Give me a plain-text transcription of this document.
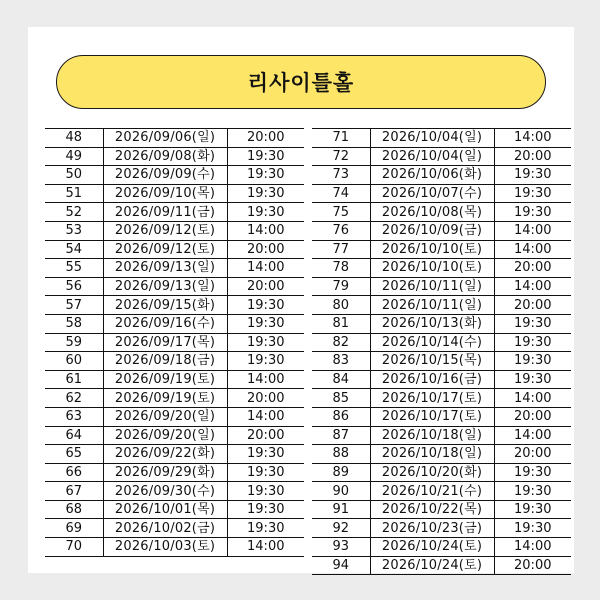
리사이틀홀
48	2026/09/06(일)	20:00
49	2026/09/08(화)	19:30
50	2026/09/09(수)	19:30
51	2026/09/10(목)	19:30
52	2026/09/11(금)	19:30
53	2026/09/12(토)	14:00
54	2026/09/12(토)	20:00
55	2026/09/13(일)	14:00
56	2026/09/13(일)	20:00
57	2026/09/15(화)	19:30
58	2026/09/16(수)	19:30
59	2026/09/17(목)	19:30
60	2026/09/18(금)	19:30
61	2026/09/19(토)	14:00
62	2026/09/19(토)	20:00
63	2026/09/20(일)	14:00
64	2026/09/20(일)	20:00
65	2026/09/22(화)	19:30
66	2026/09/29(화)	19:30
67	2026/09/30(수)	19:30
68	2026/10/01(목)	19:30
69	2026/10/02(금)	19:30
70	2026/10/03(토)	14:00
71	2026/10/04(일)	14:00
72	2026/10/04(일)	20:00
73	2026/10/06(화)	19:30
74	2026/10/07(수)	19:30
75	2026/10/08(목)	19:30
76	2026/10/09(금)	14:00
77	2026/10/10(토)	14:00
78	2026/10/10(토)	20:00
79	2026/10/11(일)	14:00
80	2026/10/11(일)	20:00
81	2026/10/13(화)	19:30
82	2026/10/14(수)	19:30
83	2026/10/15(목)	19:30
84	2026/10/16(금)	19:30
85	2026/10/17(토)	14:00
86	2026/10/17(토)	20:00
87	2026/10/18(일)	14:00
88	2026/10/18(일)	20:00
89	2026/10/20(화)	19:30
90	2026/10/21(수)	19:30
91	2026/10/22(목)	19:30
92	2026/10/23(금)	19:30
93	2026/10/24(토)	14:00
94	2026/10/24(토)	20:00
